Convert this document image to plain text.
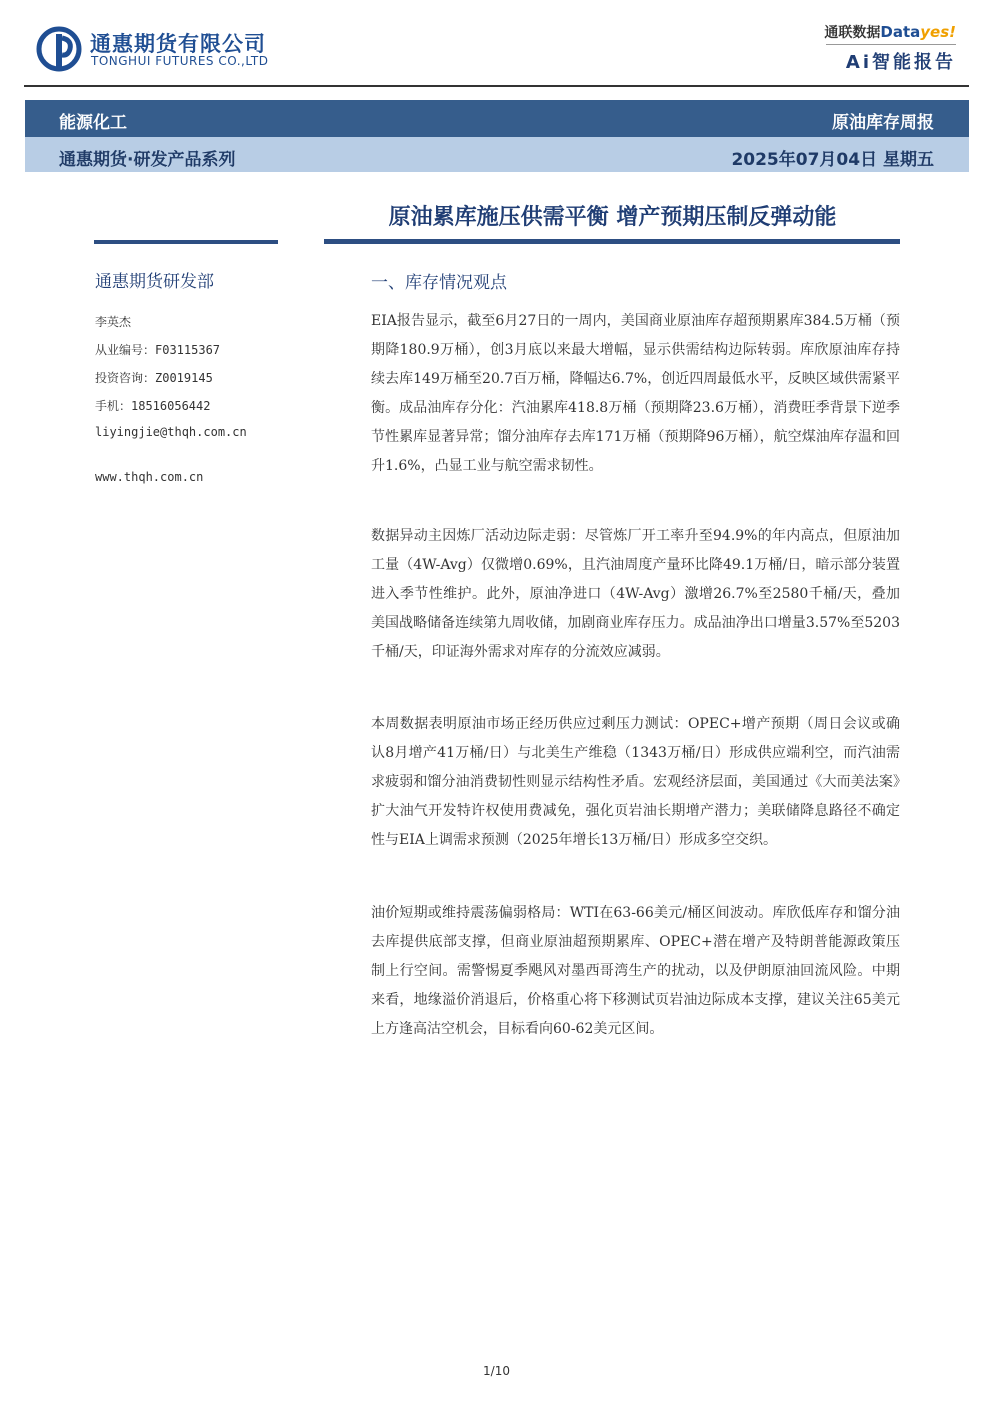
通惠期货有限公司
TONGHUI FUTURES CO.,LTD
通联数据Datayes!
Ai智能报告
能源化工	原油库存周报
通惠期货·研发产品系列	2025年07月04日 星期五
原油累库施压供需平衡 增产预期压制反弹动能
通惠期货研发部
李英杰
从业编号：F03115367
投资咨询：Z0019145
手机：18516056442
liyingjie@thqh.com.cn
www.thqh.com.cn
一、库存情况观点

EIA报告显示，截至6月27日的一周内，美国商业原油库存超预期累库384.5万桶（预期降180.9万桶），创3月底以来最大增幅，显示供需结构边际转弱。库欣原油库存持续去库149万桶至20.7百万桶，降幅达6.7%，创近四周最低水平，反映区域供需紧平衡。成品油库存分化：汽油累库418.8万桶（预期降23.6万桶），消费旺季背景下逆季节性累库显著异常；馏分油库存去库171万桶（预期降96万桶），航空煤油库存温和回升1.6%，凸显工业与航空需求韧性。

数据异动主因炼厂活动边际走弱：尽管炼厂开工率升至94.9%的年内高点，但原油加工量（4W-Avg）仅微增0.69%，且汽油周度产量环比降49.1万桶/日，暗示部分装置进入季节性维护。此外，原油净进口（4W-Avg）激增26.7%至2580千桶/天，叠加美国战略储备连续第九周收储，加剧商业库存压力。成品油净出口增量3.57%至5203千桶/天，印证海外需求对库存的分流效应减弱。

本周数据表明原油市场正经历供应过剩压力测试：OPEC+增产预期（周日会议或确认8月增产41万桶/日）与北美生产维稳（1343万桶/日）形成供应端利空，而汽油需求疲弱和馏分油消费韧性则显示结构性矛盾。宏观经济层面，美国通过《大而美法案》扩大油气开发特许权使用费减免，强化页岩油长期增产潜力；美联储降息路径不确定性与EIA上调需求预测（2025年增长13万桶/日）形成多空交织。

油价短期或维持震荡偏弱格局：WTI在63-66美元/桶区间波动。库欣低库存和馏分油去库提供底部支撑，但商业原油超预期累库、OPEC+潜在增产及特朗普能源政策压制上行空间。需警惕夏季飓风对墨西哥湾生产的扰动，以及伊朗原油回流风险。中期来看，地缘溢价消退后，价格重心将下移测试页岩油边际成本支撑，建议关注65美元上方逢高沽空机会，目标看向60-62美元区间。

1/10
